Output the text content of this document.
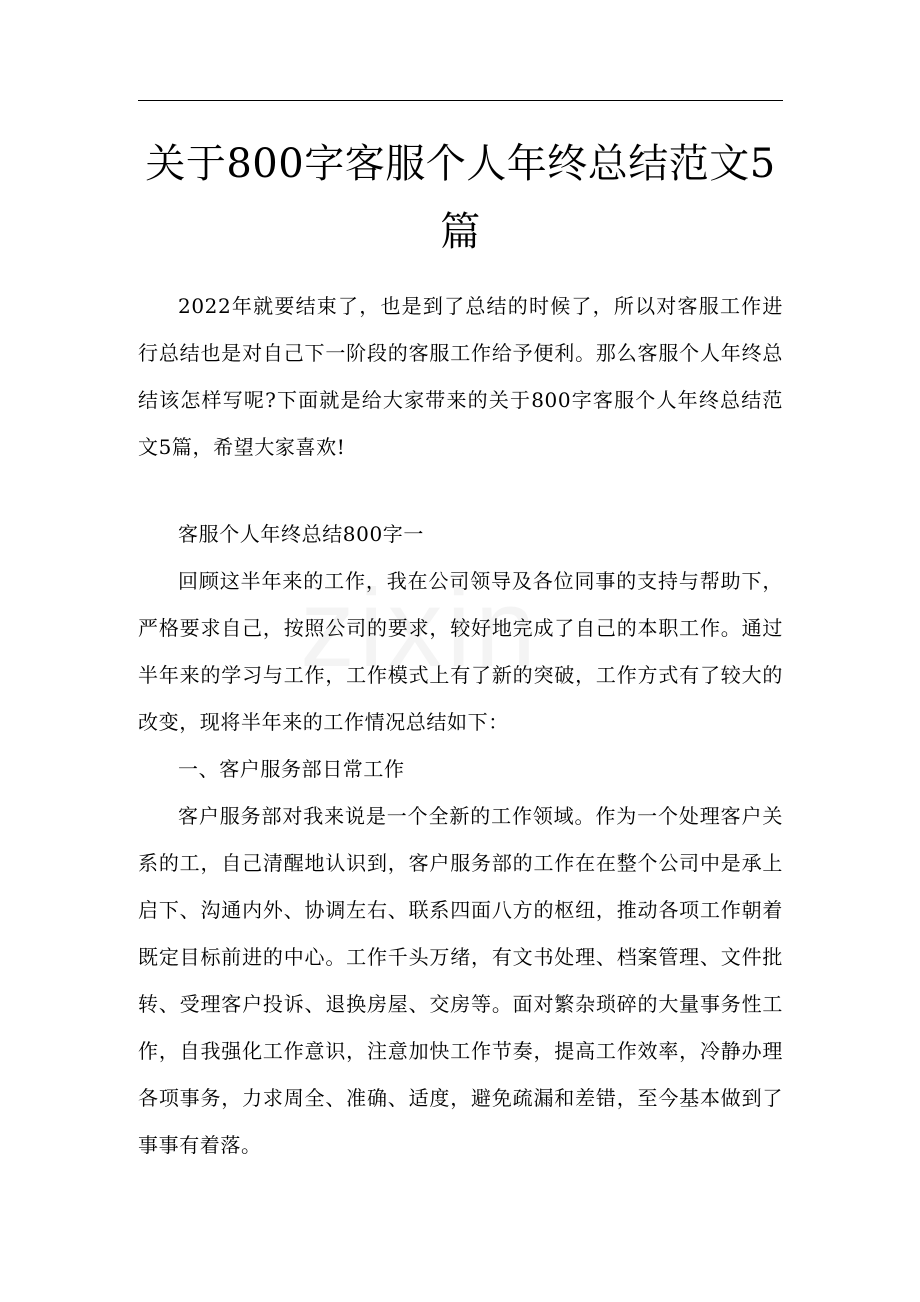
关于800字客服个人年终总结范文5篇

2022年就要结束了，也是到了总结的时候了，所以对客服工作进行总结也是对自己下一阶段的客服工作给予便利。那么客服个人年终总结该怎样写呢?下面就是给大家带来的关于800字客服个人年终总结范文5篇，希望大家喜欢!

客服个人年终总结800字一

回顾这半年来的工作，我在公司领导及各位同事的支持与帮助下，严格要求自己，按照公司的要求，较好地完成了自己的本职工作。通过半年来的学习与工作，工作模式上有了新的突破，工作方式有了较大的改变，现将半年来的工作情况总结如下：

一、客户服务部日常工作

客户服务部对我来说是一个全新的工作领域。作为一个处理客户关系的工，自己清醒地认识到，客户服务部的工作在在整个公司中是承上启下、沟通内外、协调左右、联系四面八方的枢纽，推动各项工作朝着既定目标前进的中心。工作千头万绪，有文书处理、档案管理、文件批转、受理客户投诉、退换房屋、交房等。面对繁杂琐碎的大量事务性工作，自我强化工作意识，注意加快工作节奏，提高工作效率，冷静办理各项事务，力求周全、准确、适度，避免疏漏和差错，至今基本做到了事事有着落。
